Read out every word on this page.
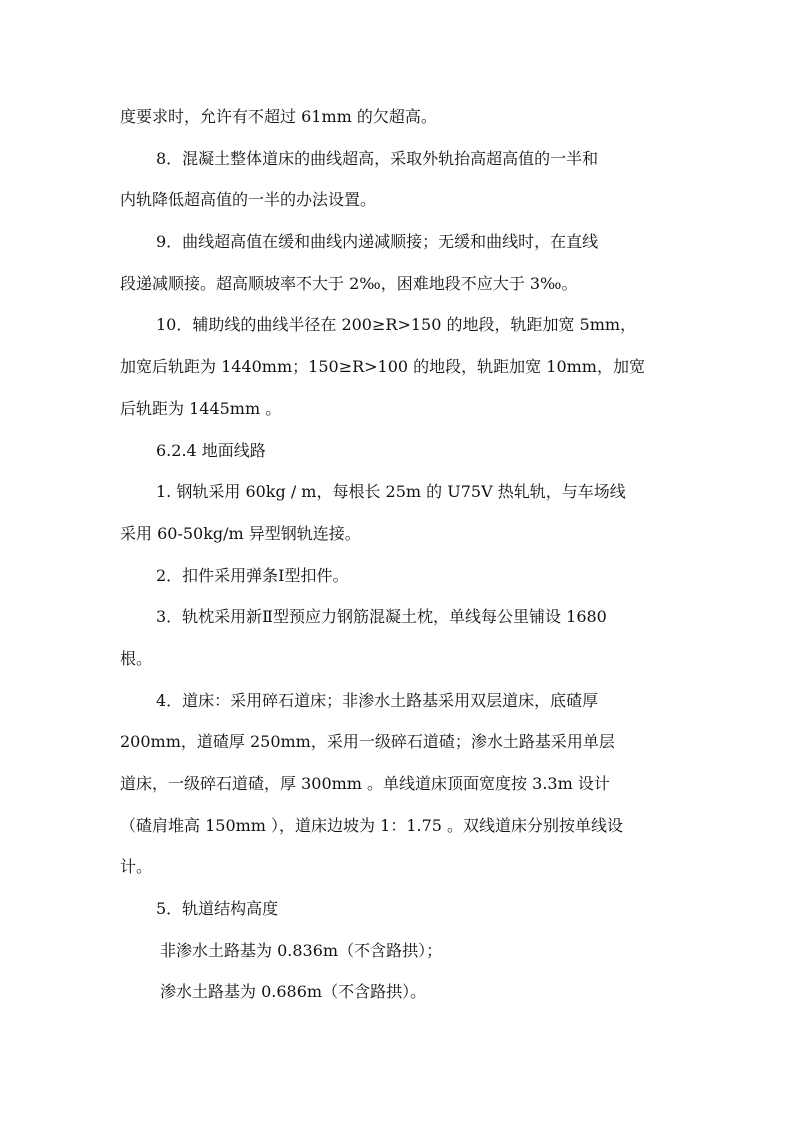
度要求时，允许有不超过 61mm 的欠超高。
8．混凝土整体道床的曲线超高，采取外轨抬高超高值的一半和
内轨降低超高值的一半的办法设置。
9．曲线超高值在缓和曲线内递减顺接；无缓和曲线时，在直线
段递减顺接。超高顺坡率不大于 2‰，困难地段不应大于 3‰。
10．辅助线的曲线半径在 200≥R>150 的地段，轨距加宽 5mm，
加宽后轨距为 1440mm；150≥R>100 的地段，轨距加宽 10mm，加宽
后轨距为 1445mm 。
6.2.4 地面线路
1. 钢轨采用 60kg / m，每根长 25m 的 U75V 热轧轨，与车场线
采用 60-50kg/m 异型钢轨连接。
2．扣件采用弹条Ⅰ型扣件。
3．轨枕采用新Ⅱ型预应力钢筋混凝土枕，单线每公里铺设 1680
根。
4．道床：采用碎石道床；非渗水土路基采用双层道床，底碴厚
200mm，道碴厚 250mm，采用一级碎石道碴；渗水土路基采用单层
道床，一级碎石道碴，厚 300mm 。单线道床顶面宽度按 3.3m 设计
（碴肩堆高 150mm ），道床边坡为 1：1.75 。双线道床分别按单线设
计。
5．轨道结构高度
非渗水土路基为 0.836m（不含路拱）；
渗水土路基为 0.686m（不含路拱）。
